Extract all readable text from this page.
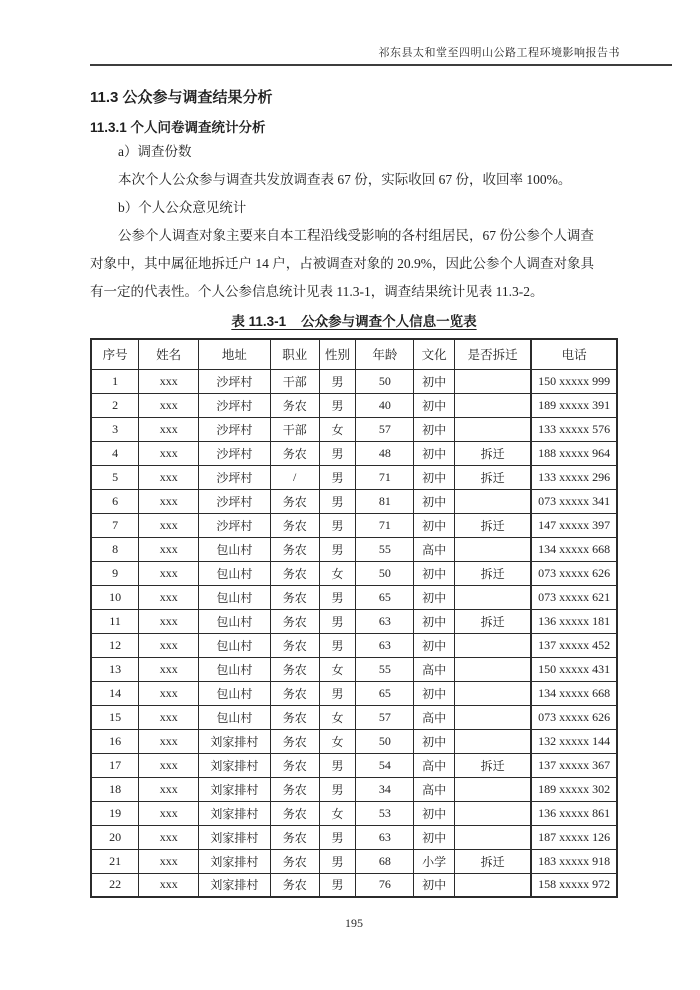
祁东县太和堂至四明山公路工程环境影响报告书
11.3 公众参与调查结果分析
11.3.1 个人问卷调查统计分析
a）调查份数
本次个人公众参与调查共发放调查表 67 份，实际收回 67 份，收回率 100%。
b）个人公众意见统计
公参个人调查对象主要来自本工程沿线受影响的各村组居民，67 份公参个人调查
对象中，其中属征地拆迁户 14 户，占被调查对象的 20.9%，因此公参个人调查对象具
有一定的代表性。个人公参信息统计见表 11.3-1，调查结果统计见表 11.3-2。
表 11.3-1    公众参与调查个人信息一览表
序号	姓名	地址	职业	性别	年龄	文化	是否拆迁	电话
1	xxx	沙坪村	干部	男	50	初中		150 xxxxx 999
2	xxx	沙坪村	务农	男	40	初中		189 xxxxx 391
3	xxx	沙坪村	干部	女	57	初中		133 xxxxx 576
4	xxx	沙坪村	务农	男	48	初中	拆迁	188 xxxxx 964
5	xxx	沙坪村	/	男	71	初中	拆迁	133 xxxxx 296
6	xxx	沙坪村	务农	男	81	初中		073 xxxxx 341
7	xxx	沙坪村	务农	男	71	初中	拆迁	147 xxxxx 397
8	xxx	包山村	务农	男	55	高中		134 xxxxx 668
9	xxx	包山村	务农	女	50	初中	拆迁	073 xxxxx 626
10	xxx	包山村	务农	男	65	初中		073 xxxxx 621
11	xxx	包山村	务农	男	63	初中	拆迁	136 xxxxx 181
12	xxx	包山村	务农	男	63	初中		137 xxxxx 452
13	xxx	包山村	务农	女	55	高中		150 xxxxx 431
14	xxx	包山村	务农	男	65	初中		134 xxxxx 668
15	xxx	包山村	务农	女	57	高中		073 xxxxx 626
16	xxx	刘家排村	务农	女	50	初中		132 xxxxx 144
17	xxx	刘家排村	务农	男	54	高中	拆迁	137 xxxxx 367
18	xxx	刘家排村	务农	男	34	高中		189 xxxxx 302
19	xxx	刘家排村	务农	女	53	初中		136 xxxxx 861
20	xxx	刘家排村	务农	男	63	初中		187 xxxxx 126
21	xxx	刘家排村	务农	男	68	小学	拆迁	183 xxxxx 918
22	xxx	刘家排村	务农	男	76	初中		158 xxxxx 972
195
